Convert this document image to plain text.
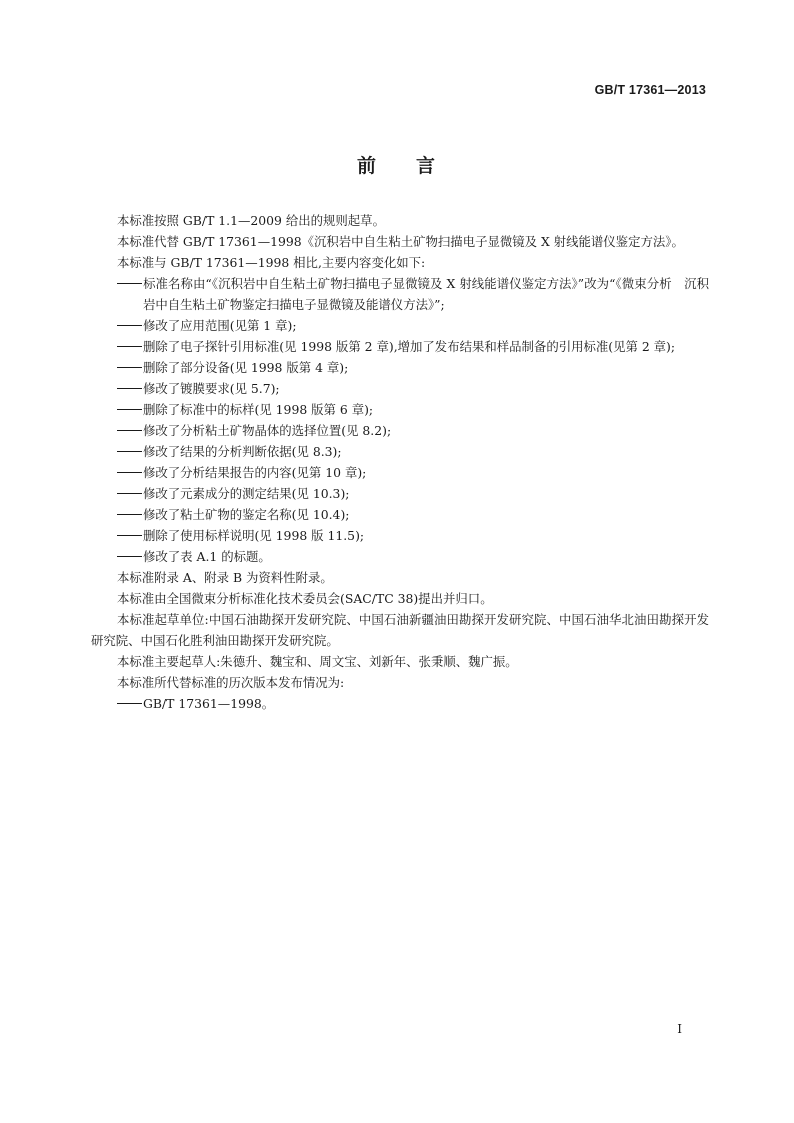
GB/T 17361—2013
前 言

本标准按照 GB/T 1.1—2009 给出的规则起草。

本标准代替 GB/T 17361—1998《沉积岩中自生粘土矿物扫描电子显微镜及 X 射线能谱仪鉴定方法》。

本标准与 GB/T 17361—1998 相比,主要内容变化如下:

标准名称由“《沉积岩中自生粘土矿物扫描电子显微镜及 X 射线能谱仪鉴定方法》”改为“《微束分析　沉积岩中自生粘土矿物鉴定扫描电子显微镜及能谱仪方法》”;

修改了应用范围(见第 1 章);

删除了电子探针引用标准(见 1998 版第 2 章),增加了发布结果和样品制备的引用标准(见第 2 章);

删除了部分设备(见 1998 版第 4 章);

修改了镀膜要求(见 5.7);

删除了标准中的标样(见 1998 版第 6 章);

修改了分析粘土矿物晶体的选择位置(见 8.2);

修改了结果的分析判断依据(见 8.3);

修改了分析结果报告的内容(见第 10 章);

修改了元素成分的测定结果(见 10.3);

修改了粘土矿物的鉴定名称(见 10.4);

删除了使用标样说明(见 1998 版 11.5);

修改了表 A.1 的标题。

本标准附录 A、附录 B 为资料性附录。

本标准由全国微束分析标准化技术委员会(SAC/TC 38)提出并归口。

本标准起草单位:中国石油勘探开发研究院、中国石油新疆油田勘探开发研究院、中国石油华北油田勘探开发研究院、中国石化胜利油田勘探开发研究院。

本标准主要起草人:朱德升、魏宝和、周文宝、刘新年、张秉顺、魏广振。

本标准所代替标准的历次版本发布情况为:

GB/T 17361—1998。

I
